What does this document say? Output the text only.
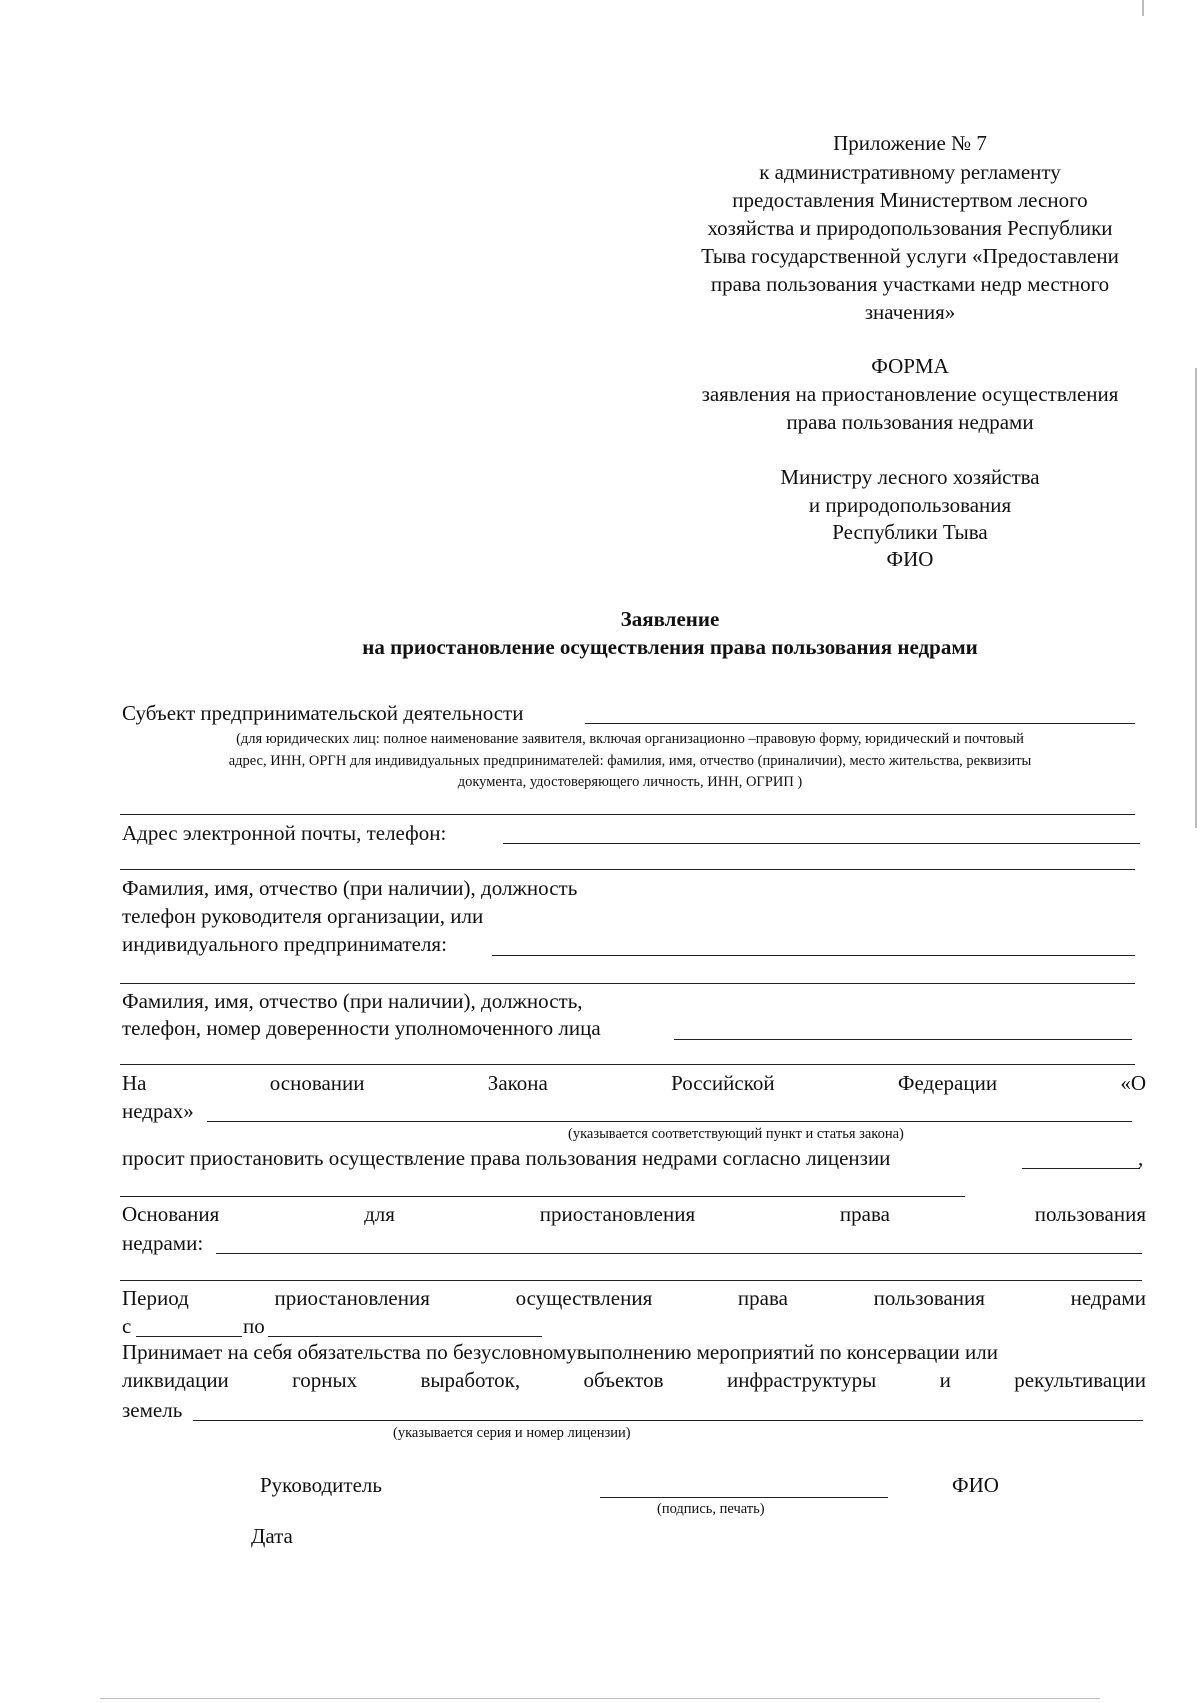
Приложение № 7
к административному регламенту
предоставления Министертвом лесного
хозяйства и природопользования Республики
Тыва государственной услуги «Предоставлени
права пользования участками недр местного
значения»
ФОРМА
заявления на приостановление осуществления
права пользования недрами
Министру лесного хозяйства
и природопользования
Республики Тыва
ФИО
Заявление
на приостановление осуществления права пользования недрами
Субъект предпринимательской деятельности
(для юридических лиц: полное наименование заявителя, включая организационно –правовую форму, юридический и почтовый
адрес, ИНН, ОРГН для индивидуальных предпринимателей: фамилия, имя, отчество (приналичии), место жительства, реквизиты
документа, удостоверяющего личность, ИНН, ОГРИП )
Адрес электронной почты, телефон:
Фамилия, имя, отчество (при наличии), должность
телефон руководителя организации, или
индивидуального предпринимателя:
Фамилия, имя, отчество (при наличии), должность,
телефон, номер доверенности уполномоченного лица
На	основании	Закона	Российской	Федерации	«О
недрах»
(указывается соответствующий пункт и статья закона)
просит приостановить осуществление права пользования недрами согласно лицензии	,
Основания	для	приостановления	права	пользования
недрами:
Период	приостановления	осуществления	права	пользования	недрами
с	по
Принимает на себя обязательства по безусловномувыполнению мероприятий по консервации или
ликвидации	горных	выработок,	объектов	инфраструктуры	и	рекультивации
земель
(указывается серия и номер лицензии)
Руководитель	ФИО
(подпись, печать)
Дата
